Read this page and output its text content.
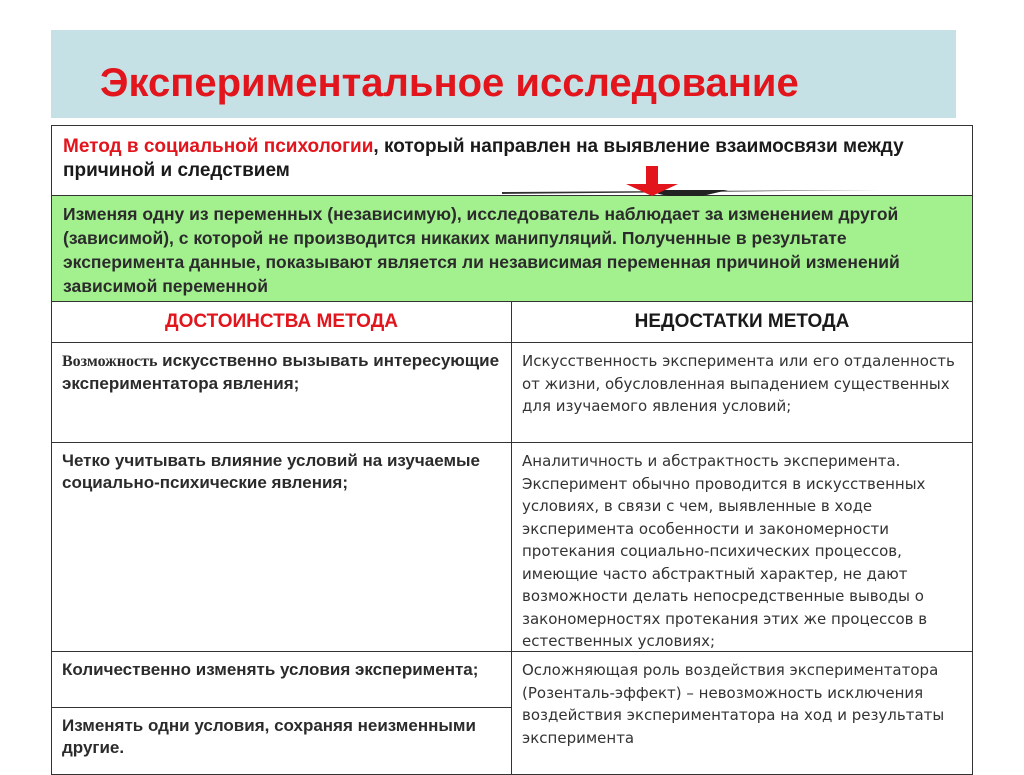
Экспериментальное исследование
Метод в социальной психологии, который направлен на выявление взаимосвязи между причиной и следствием
Изменяя одну из переменных (независимую), исследователь наблюдает за изменением другой (зависимой), с которой не производится никаких манипуляций. Полученные в результате эксперимента данные, показывают является ли независимая переменная причиной изменений зависимой переменной
ДОСТОИНСТВА МЕТОДА	НЕДОСТАТКИ МЕТОДА
Возможность искусственно вызывать интересующие экспериментатора явления;
Четко учитывать влияние условий на изучаемые социально-психические явления;
Количественно изменять условия эксперимента;
Изменять одни условия, сохраняя неизменными другие.
Искусственность эксперимента или его отдаленность от жизни, обусловленная выпадением существенных для изучаемого явления условий;
Аналитичность и абстрактность эксперимента. Эксперимент обычно проводится в искусственных условиях, в связи с чем, выявленные в ходе эксперимента особенности и закономерности протекания социально-психических процессов, имеющие часто абстрактный характер, не дают возможности делать непосредственные выводы о закономерностях протекания этих же процессов в естественных условиях;
Осложняющая роль воздействия экспериментатора (Розенталь-эффект) – невозможность исключения воздействия экспериментатора на ход и результаты эксперимента
